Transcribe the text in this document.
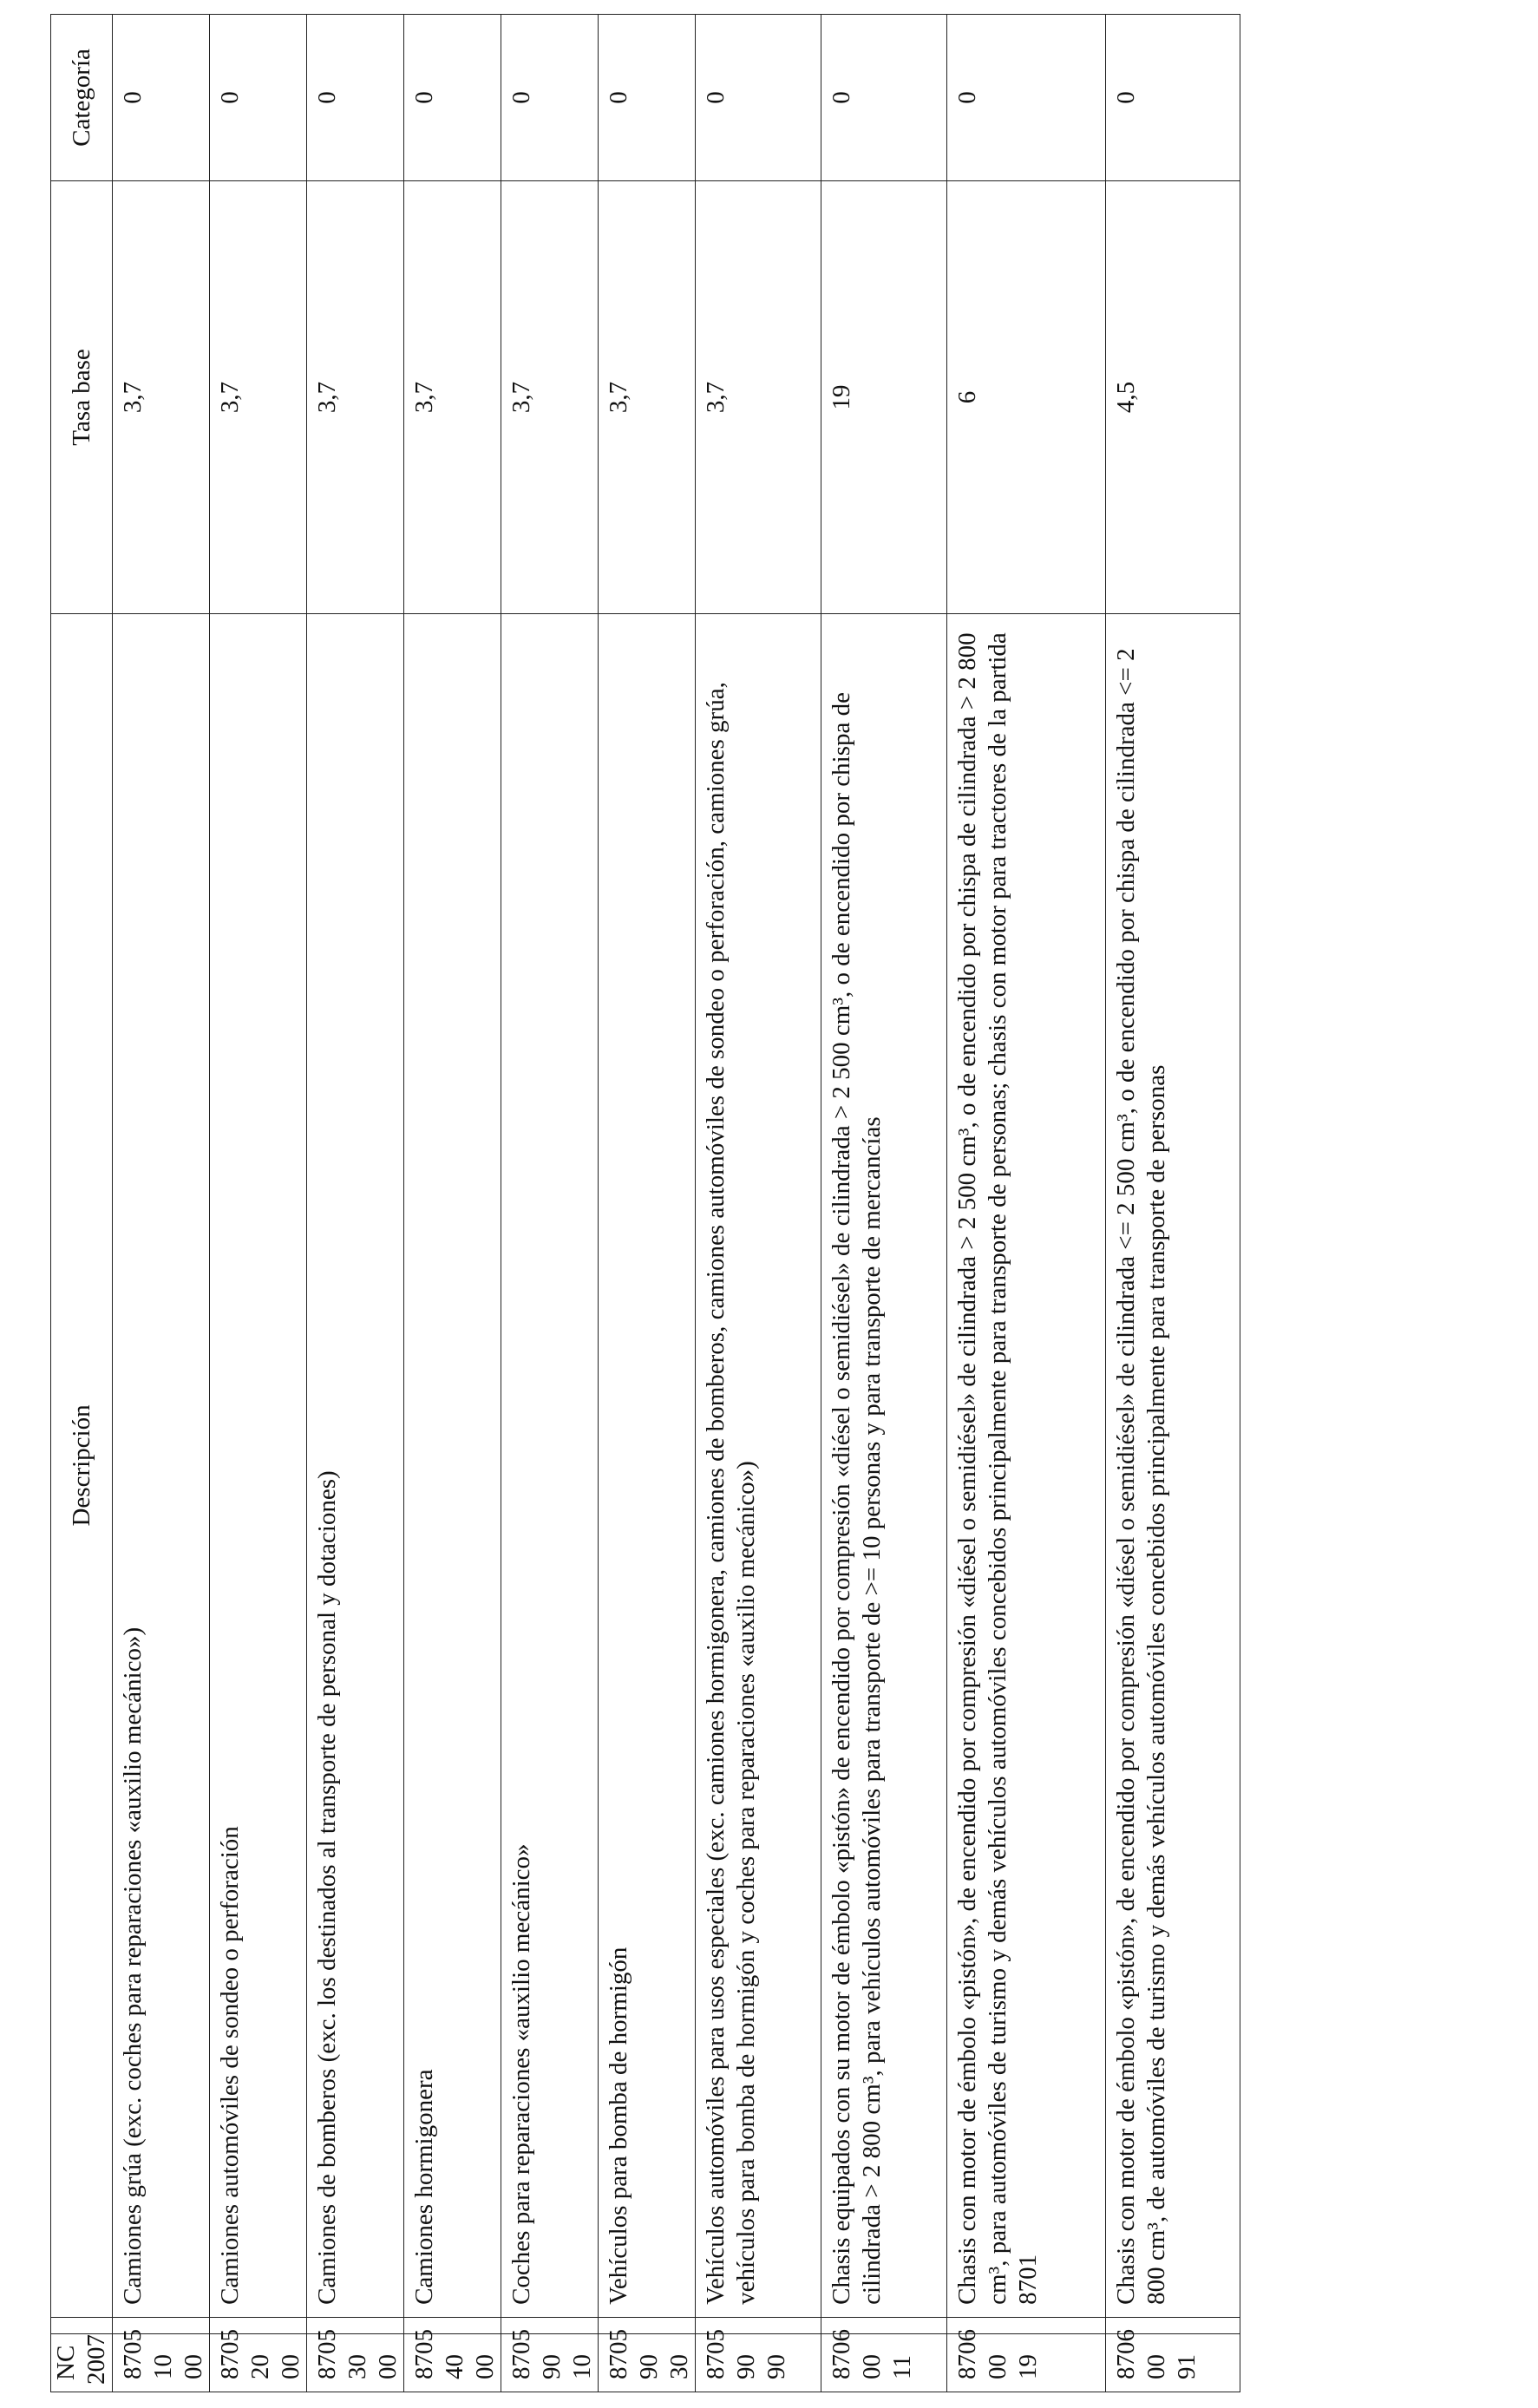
NC 2007		Descripción	Tasa base	Categoría
8705 10 00		Camiones grúa (exc. coches para reparaciones «auxilio mecánico»)	3,7	0
8705 20 00		Camiones automóviles de sondeo o perforación	3,7	0
8705 30 00		Camiones de bomberos (exc. los destinados al transporte de personal y dotaciones)	3,7	0
8705 40 00		Camiones hormigonera	3,7	0
8705 90 10		Coches para reparaciones «auxilio mecánico»	3,7	0
8705 90 30		Vehículos para bomba de hormigón	3,7	0
8705 90 90		Vehículos automóviles para usos especiales (exc. camiones hormigonera, camiones de bomberos, camiones automóviles de sondeo o perforación, camiones grúa, vehículos para bomba de hormigón y coches para reparaciones «auxilio mecánico»)	3,7	0
8706 00 11		Chasis equipados con su motor de émbolo «pistón» de encendido por compresión «diésel o semidiésel» de cilindrada > 2 500 cm³, o de encendido por chispa de cilindrada > 2 800 cm³, para vehículos automóviles para transporte de >= 10 personas y para transporte de mercancías	19	0
8706 00 19		Chasis con motor de émbolo «pistón», de encendido por compresión «diésel o semidiésel» de cilindrada > 2 500 cm³, o de encendido por chispa de cilindrada > 2 800 cm³, para automóviles de turismo y demás vehículos automóviles concebidos principalmente para transporte de personas; chasis con motor para tractores de la partida 8701	6	0
8706 00 91		Chasis con motor de émbolo «pistón», de encendido por compresión «diésel o semidiésel» de cilindrada <= 2 500 cm³, o de encendido por chispa de cilindrada <= 2 800 cm³, de automóviles de turismo y demás vehículos automóviles concebidos principalmente para transporte de personas	4,5	0
